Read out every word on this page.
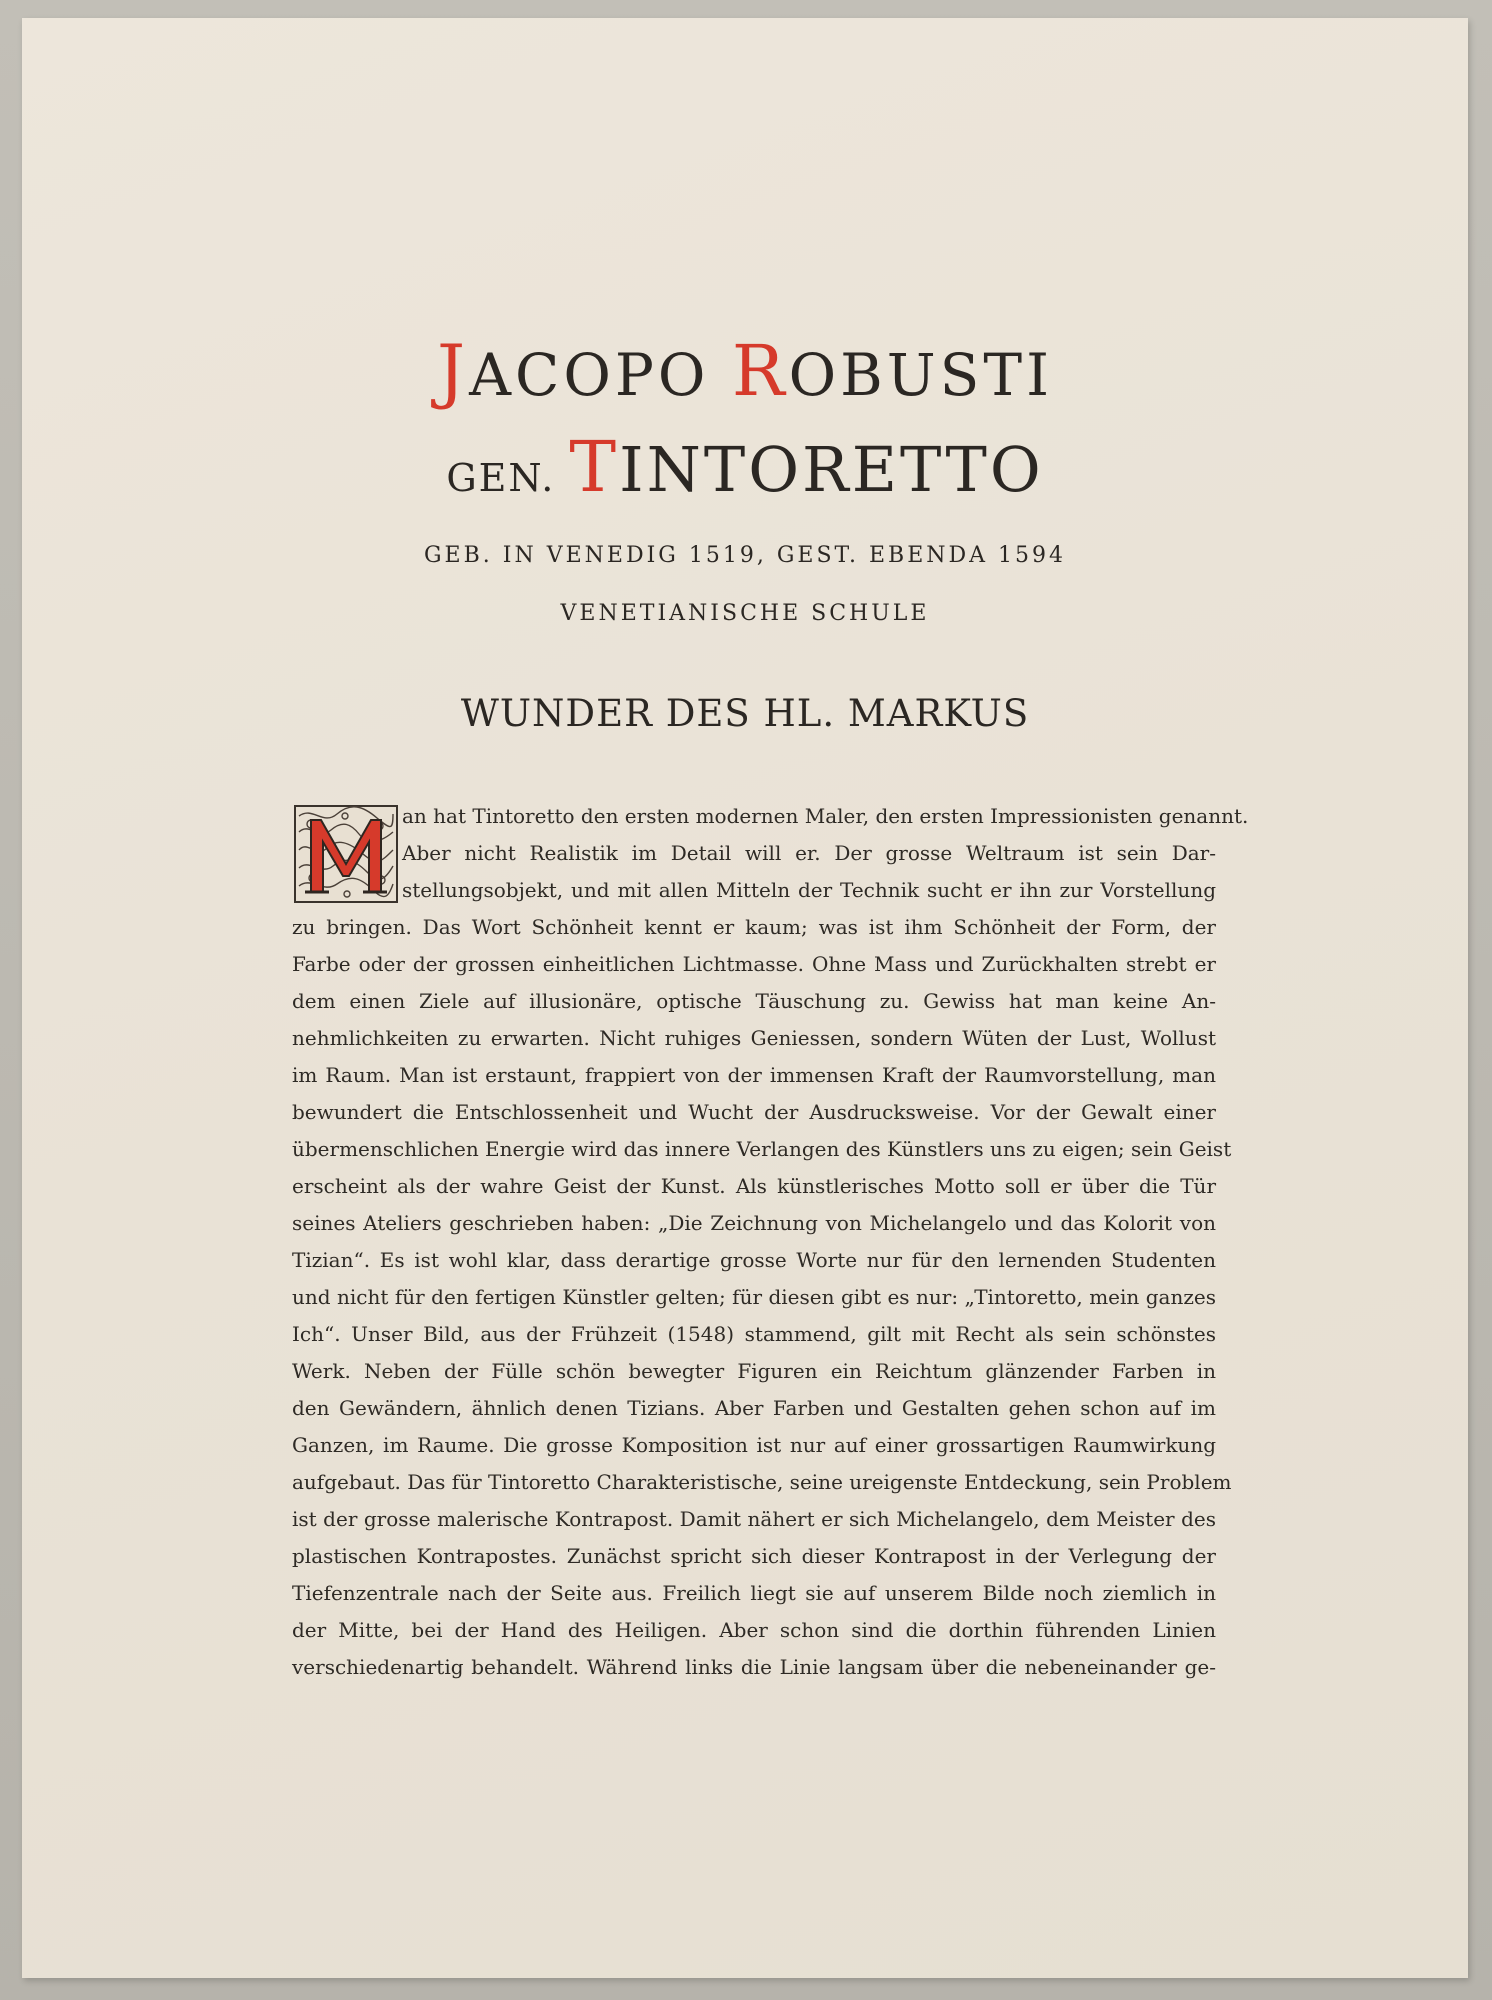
JACOPO ROBUSTI
GEN. TINTORETTO
GEB. IN VENEDIG 1519, GEST. EBENDA 1594
VENETIANISCHE SCHULE
WUNDER DES HL. MARKUS
an hat Tintoretto den ersten modernen Maler, den ersten Impressionisten genannt.
Aber nicht Realistik im Detail will er. Der grosse Weltraum ist sein Dar-
stellungsobjekt, und mit allen Mitteln der Technik sucht er ihn zur Vorstellung
zu bringen. Das Wort Schönheit kennt er kaum; was ist ihm Schönheit der Form, der
Farbe oder der grossen einheitlichen Lichtmasse. Ohne Mass und Zurückhalten strebt er
dem einen Ziele auf illusionäre, optische Täuschung zu. Gewiss hat man keine An-
nehmlichkeiten zu erwarten. Nicht ruhiges Geniessen, sondern Wüten der Lust, Wollust
im Raum. Man ist erstaunt, frappiert von der immensen Kraft der Raumvorstellung, man
bewundert die Entschlossenheit und Wucht der Ausdrucksweise. Vor der Gewalt einer
übermenschlichen Energie wird das innere Verlangen des Künstlers uns zu eigen; sein Geist
erscheint als der wahre Geist der Kunst. Als künstlerisches Motto soll er über die Tür
seines Ateliers geschrieben haben: „Die Zeichnung von Michelangelo und das Kolorit von
Tizian“. Es ist wohl klar, dass derartige grosse Worte nur für den lernenden Studenten
und nicht für den fertigen Künstler gelten; für diesen gibt es nur: „Tintoretto, mein ganzes
Ich“. Unser Bild, aus der Frühzeit (1548) stammend, gilt mit Recht als sein schönstes
Werk. Neben der Fülle schön bewegter Figuren ein Reichtum glänzender Farben in
den Gewändern, ähnlich denen Tizians. Aber Farben und Gestalten gehen schon auf im
Ganzen, im Raume. Die grosse Komposition ist nur auf einer grossartigen Raumwirkung
aufgebaut. Das für Tintoretto Charakteristische, seine ureigenste Entdeckung, sein Problem
ist der grosse malerische Kontrapost. Damit nähert er sich Michelangelo, dem Meister des
plastischen Kontrapostes. Zunächst spricht sich dieser Kontrapost in der Verlegung der
Tiefenzentrale nach der Seite aus. Freilich liegt sie auf unserem Bilde noch ziemlich in
der Mitte, bei der Hand des Heiligen. Aber schon sind die dorthin führenden Linien
verschiedenartig behandelt. Während links die Linie langsam über die nebeneinander ge-
